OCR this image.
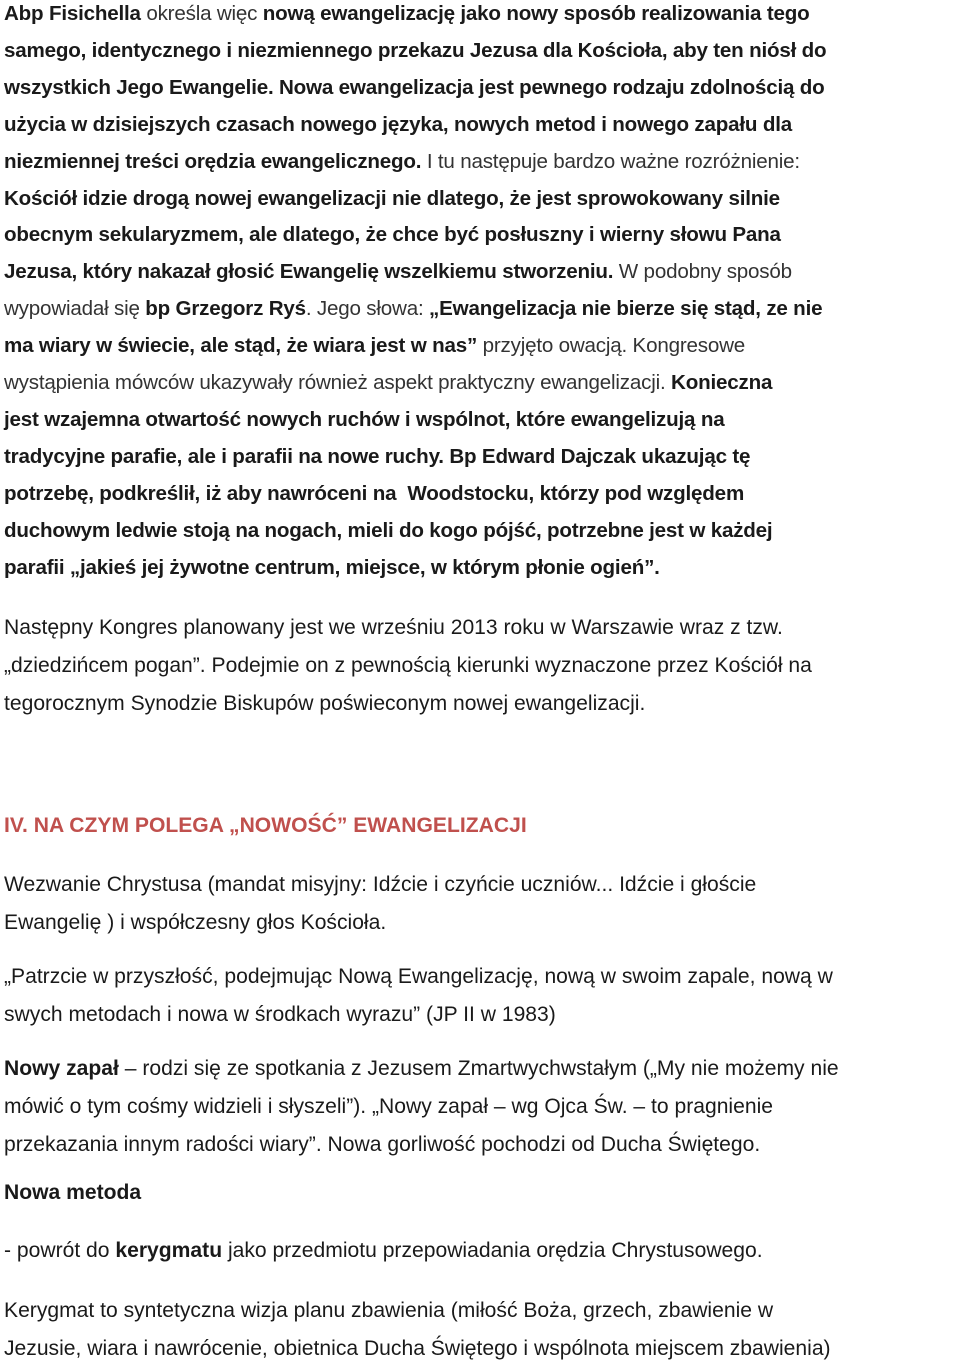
Abp Fisichella określa więc nową ewangelizację jako nowy sposób realizowania tego
samego, identycznego i niezmiennego przekazu Jezusa dla Kościoła, aby ten niósł do
wszystkich Jego Ewangelie. Nowa ewangelizacja jest pewnego rodzaju zdolnością do
użycia w dzisiejszych czasach nowego języka, nowych metod i nowego zapału dla
niezmiennej treści orędzia ewangelicznego. I tu następuje bardzo ważne rozróżnienie:
Kościół idzie drogą nowej ewangelizacji nie dlatego, że jest sprowokowany silnie
obecnym sekularyzmem, ale dlatego, że chce być posłuszny i wierny słowu Pana
Jezusa, który nakazał głosić Ewangelię wszelkiemu stworzeniu. W podobny sposób
wypowiadał się bp Grzegorz Ryś. Jego słowa: „Ewangelizacja nie bierze się stąd, ze nie
ma wiary w świecie, ale stąd, że wiara jest w nas” przyjęto owacją. Kongresowe
wystąpienia mówców ukazywały również aspekt praktyczny ewangelizacji. Konieczna
jest wzajemna otwartość nowych ruchów i wspólnot, które ewangelizują na
tradycyjne parafie, ale i parafii na nowe ruchy. Bp Edward Dajczak ukazując tę
potrzebę, podkreślił, iż aby nawróceni na  Woodstocku, którzy pod względem
duchowym ledwie stoją na nogach, mieli do kogo pójść, potrzebne jest w każdej
parafii „jakieś jej żywotne centrum, miejsce, w którym płonie ogień”.
Następny Kongres planowany jest we wrześniu 2013 roku w Warszawie wraz z tzw.
„dziedzińcem pogan”. Podejmie on z pewnością kierunki wyznaczone przez Kościół na
tegorocznym Synodzie Biskupów poświeconym nowej ewangelizacji.
IV. NA CZYM POLEGA „NOWOŚĆ” EWANGELIZACJI
Wezwanie Chrystusa (mandat misyjny: Idźcie i czyńcie uczniów... Idźcie i głoście
Ewangelię ) i współczesny głos Kościoła.
„Patrzcie w przyszłość, podejmując Nową Ewangelizację, nową w swoim zapale, nową w
swych metodach i nowa w środkach wyrazu” (JP II w 1983)
Nowy zapał – rodzi się ze spotkania z Jezusem Zmartwychwstałym („My nie możemy nie
mówić o tym cośmy widzieli i słyszeli”). „Nowy zapał – wg Ojca Św. – to pragnienie
przekazania innym radości wiary”. Nowa gorliwość pochodzi od Ducha Świętego.
Nowa metoda
- powrót do kerygmatu jako przedmiotu przepowiadania orędzia Chrystusowego.
Kerygmat to syntetyczna wizja planu zbawienia (miłość Boża, grzech, zbawienie w
Jezusie, wiara i nawrócenie, obietnica Ducha Świętego i wspólnota miejscem zbawienia)
